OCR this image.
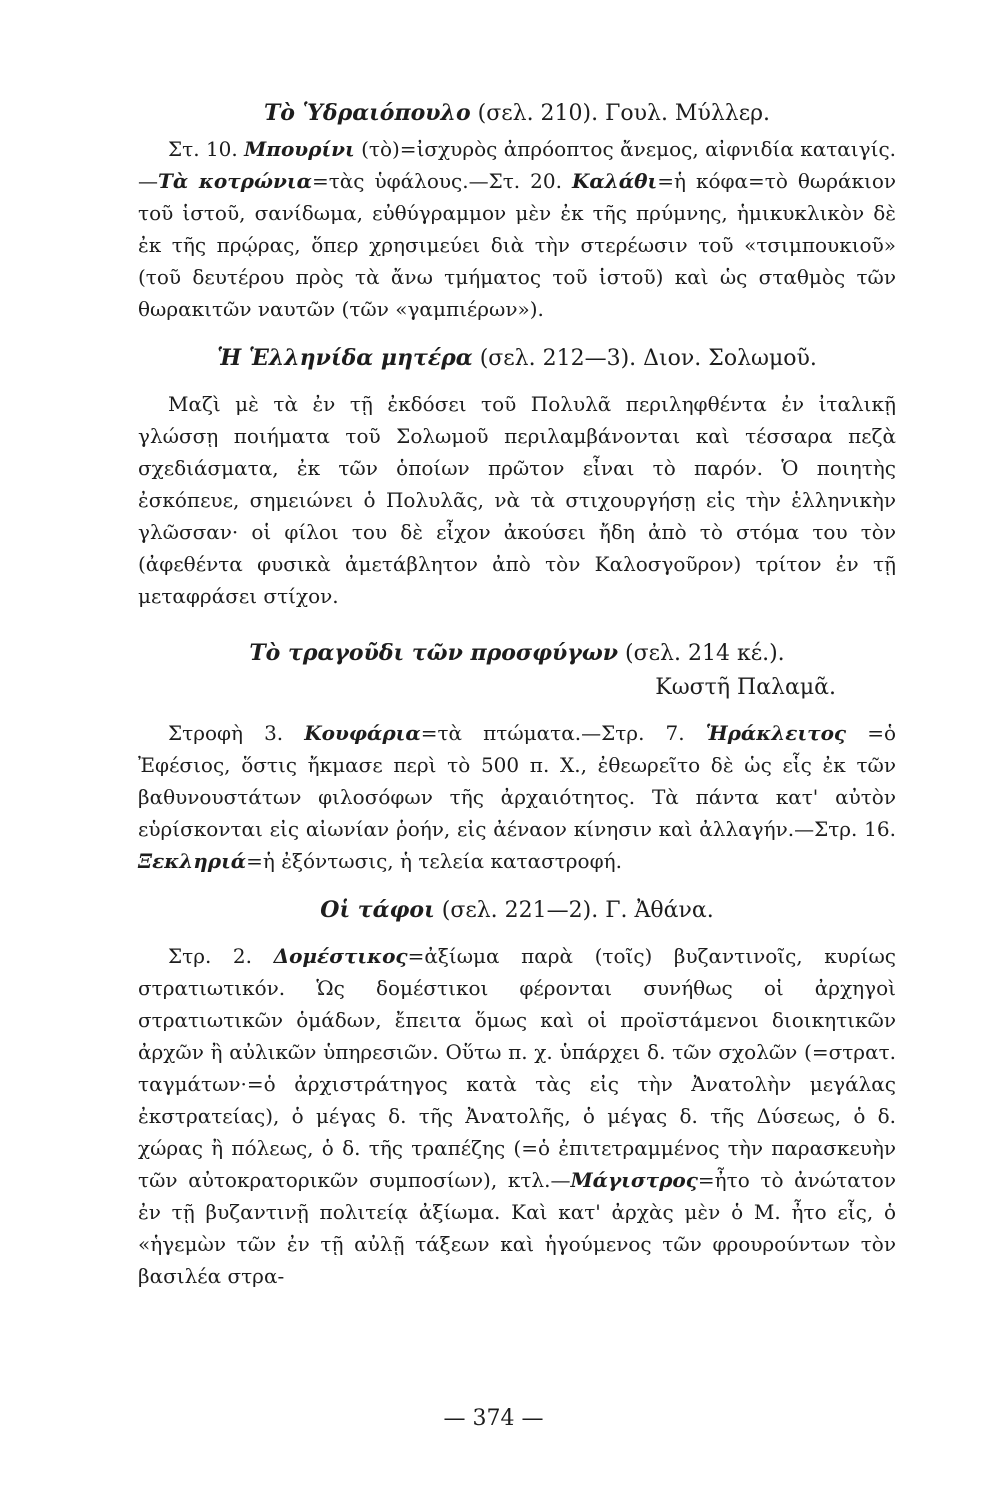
Τὸ Ὑδραιόπουλο (σελ. 210). Γουλ. Μύλλερ.

Στ. 10. Μπουρίνι (τὸ)=ἰσχυρὸς ἀπρόοπτος ἄνεμος, αἰφνιδία καταιγίς.—Τὰ κοτρώνια=τὰς ὑφάλους.—Στ. 20. Καλάθι=ἡ κόφα=τὸ θωράκιον τοῦ ἱστοῦ, σανίδωμα, εὐθύγραμμον μὲν ἐκ τῆς πρύμνης, ἡμικυκλικὸν δὲ ἐκ τῆς πρῴρας, ὅπερ χρησιμεύει διὰ τὴν στερέωσιν τοῦ «τσιμπουκιοῦ» (τοῦ δευτέρου πρὸς τὰ ἄνω τμήματος τοῦ ἱστοῦ) καὶ ὡς σταθμὸς τῶν θωρακιτῶν ναυτῶν (τῶν «γαμπιέρων»).

Ἡ Ἑλληνίδα μητέρα (σελ. 212—3). Διον. Σολωμοῦ.

Μαζὶ μὲ τὰ ἐν τῇ ἐκδόσει τοῦ Πολυλᾶ περιληφθέντα ἐν ἰταλικῇ γλώσσῃ ποιήματα τοῦ Σολωμοῦ περιλαμβάνονται καὶ τέσσαρα πεζὰ σχεδιάσματα, ἐκ τῶν ὁποίων πρῶτον εἶναι τὸ παρόν. Ὁ ποιητὴς ἐσκόπευε, σημειώνει ὁ Πολυλᾶς, νὰ τὰ στιχουργήσῃ εἰς τὴν ἑλληνικὴν γλῶσσαν· οἱ φίλοι του δὲ εἶχον ἀκούσει ἤδη ἀπὸ τὸ στόμα του τὸν (ἀφεθέντα φυσικὰ ἀμετάβλητον ἀπὸ τὸν Καλοσγοῦρον) τρίτον ἐν τῇ μεταφράσει στίχον.

Τὸ τραγοῦδι τῶν προσφύγων (σελ. 214 κέ.).
Κωστῆ Παλαμᾶ.

Στροφὴ 3. Κουφάρια=τὰ πτώματα.—Στρ. 7. Ἡράκλειτος =ὁ Ἐφέσιος, ὅστις ἤκμασε περὶ τὸ 500 π. Χ., ἐθεωρεῖτο δὲ ὡς εἷς ἐκ τῶν βαθυνουστάτων φιλοσόφων τῆς ἀρχαιότητος. Τὰ πάντα κατ' αὐτὸν εὑρίσκονται εἰς αἰωνίαν ῥοήν, εἰς ἀέναον κίνησιν καὶ ἀλλαγήν.—Στρ. 16. Ξεκληριά=ἡ ἐξόντωσις, ἡ τελεία καταστροφή.

Οἱ τάφοι (σελ. 221—2). Γ. Ἀθάνα.

Στρ. 2. Δομέστικος=ἀξίωμα παρὰ (τοῖς) βυζαντινοῖς, κυρίως στρατιωτικόν. Ὡς δομέστικοι φέρονται συνήθως οἱ ἀρχηγοὶ στρατιωτικῶν ὁμάδων, ἔπειτα ὅμως καὶ οἱ προϊστάμενοι διοικητικῶν ἀρχῶν ἢ αὐλικῶν ὑπηρεσιῶν. Οὕτω π. χ. ὑπάρχει δ. τῶν σχολῶν (=στρατ. ταγμάτων·=ὁ ἀρχιστράτηγος κατὰ τὰς εἰς τὴν Ἀνατολὴν μεγάλας ἐκστρατείας), ὁ μέγας δ. τῆς Ἀνατολῆς, ὁ μέγας δ. τῆς Δύσεως, ὁ δ. χώρας ἢ πόλεως, ὁ δ. τῆς τραπέζης (=ὁ ἐπιτετραμμένος τὴν παρασκευὴν τῶν αὐτοκρατορικῶν συμποσίων), κτλ.—Μάγιστρος=ἦτο τὸ ἀνώτατον ἐν τῇ βυζαντινῇ πολιτείᾳ ἀξίωμα. Καὶ κατ' ἀρχὰς μὲν ὁ Μ. ἦτο εἷς, ὁ «ἡγεμὼν τῶν ἐν τῇ αὐλῇ τάξεων καὶ ἡγούμενος τῶν φρουρούντων τὸν βασιλέα στρα-

— 374 —
